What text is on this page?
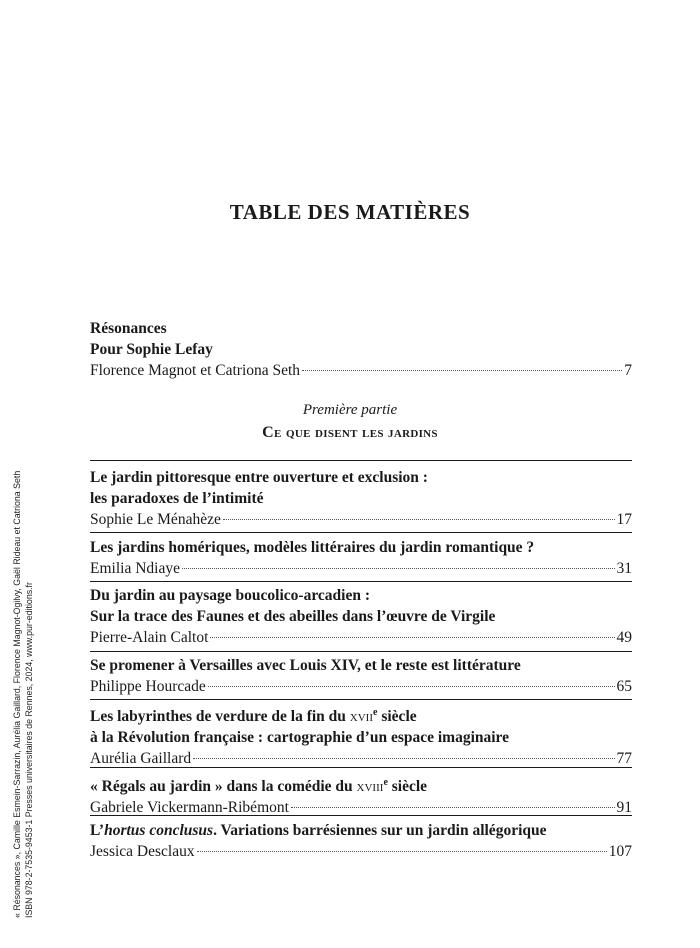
« Résonances », Camille Esmein-Sarrazin, Aurélia Gaillard, Florence Magnot-Ogilvy, Gaël Rideau et Catriona Seth ISBN 978-2-7535-9453-1 Presses universitaires de Rennes, 2024, www.pur-editions.fr
TABLE DES MATIÈRES
Résonances
Pour Sophie Lefay
Florence Magnot et Catriona Seth	7
Première partie
Ce que disent les jardins
Le jardin pittoresque entre ouverture et exclusion :
les paradoxes de l’intimité
Sophie Le Ménahèze	17
Les jardins homériques, modèles littéraires du jardin romantique ?
Emilia Ndiaye	31
Du jardin au paysage boucolico-arcadien :
Sur la trace des Faunes et des abeilles dans l’œuvre de Virgile
Pierre-Alain Caltot	49
Se promener à Versailles avec Louis XIV, et le reste est littérature
Philippe Hourcade	65
Les labyrinthes de verdure de la fin du xvii$^e$ siècle
à la Révolution française : cartographie d’un espace imaginaire
Aurélia Gaillard	77
« Régals au jardin » dans la comédie du xviii$^e$ siècle
Gabriele Vickermann-Ribémont	91
L’hortus conclusus. Variations barrésiennes sur un jardin allégorique
Jessica Desclaux	107
